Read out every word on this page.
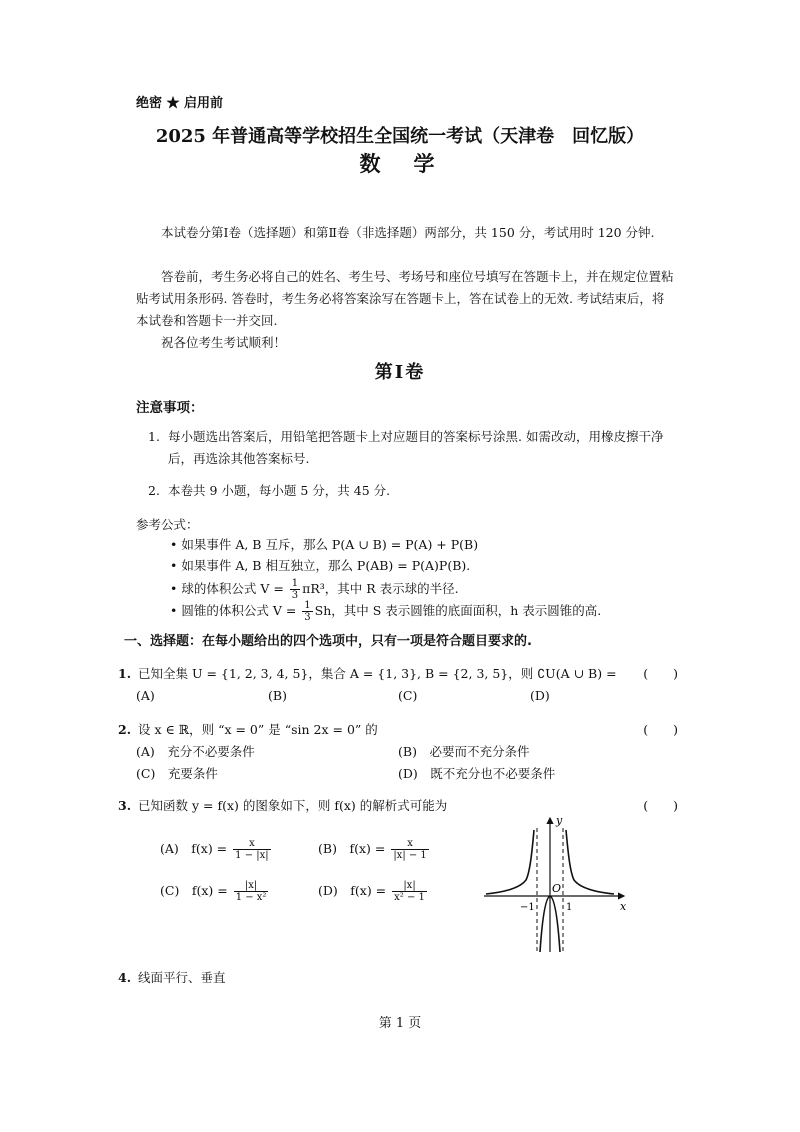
绝密 ★ 启用前
2025 年普通高等学校招生全国统一考试（天津卷　回忆版）
数　学
本试卷分第Ⅰ卷（选择题）和第Ⅱ卷（非选择题）两部分，共 150 分，考试用时 120 分钟.
答卷前，考生务必将自己的姓名、考生号、考场号和座位号填写在答题卡上，并在规定位置粘贴考试用条形码. 答卷时，考生务必将答案涂写在答题卡上，答在试卷上的无效. 考试结束后，将本试卷和答题卡一并交回.
祝各位考生考试顺利！
第Ⅰ卷
注意事项：
1. 每小题选出答案后，用铅笔把答题卡上对应题目的答案标号涂黑. 如需改动，用橡皮擦干净后，再选涂其他答案标号.
2. 本卷共 9 小题，每小题 5 分，共 45 分.
参考公式：
• 如果事件 A, B 互斥，那么 P(A ∪ B) = P(A) + P(B)
• 如果事件 A, B 相互独立，那么 P(AB) = P(A)P(B).
• 球的体积公式 $V = \frac{1}{3} \pi R^3$，其中 R 表示球的半径.
• 圆锥的体积公式 $V = \frac{1}{3}$ Sh，其中 S 表示圆锥的底面面积，h 表示圆锥的高.
一、选择题：在每小题给出的四个选项中，只有一项是符合题目要求的.
1. 已知全集 U = {1, 2, 3, 4, 5}，集合 A = {1, 3}, B = {2, 3, 5}，则 ∁U(A ∪ B) = (　　)
(A)	(B)	(C)	(D)
2. 设 x ∈ ℝ，则 “x = 0” 是 “sin 2x = 0” 的	(　　)
(A)　充分不必要条件	(B)　必要而不充分条件
(C)　充要条件	(D)　既不充分也不必要条件
3. 已知函数 y = f(x) 的图象如下，则 f(x) 的解析式可能为	(　　)
(A)　$f(x) = \frac{x}{1 - |x|}$	(B)　$f(x) = \frac{x}{|x| - 1}$
(C)　$f(x) = \frac{|x|}{\text{1 − x²}}$	(D)　$f(x) = \frac{|x|}{\text{x² − 1}}$
y
x
O
−1	1
4. 线面平行、垂直
第 1 页
